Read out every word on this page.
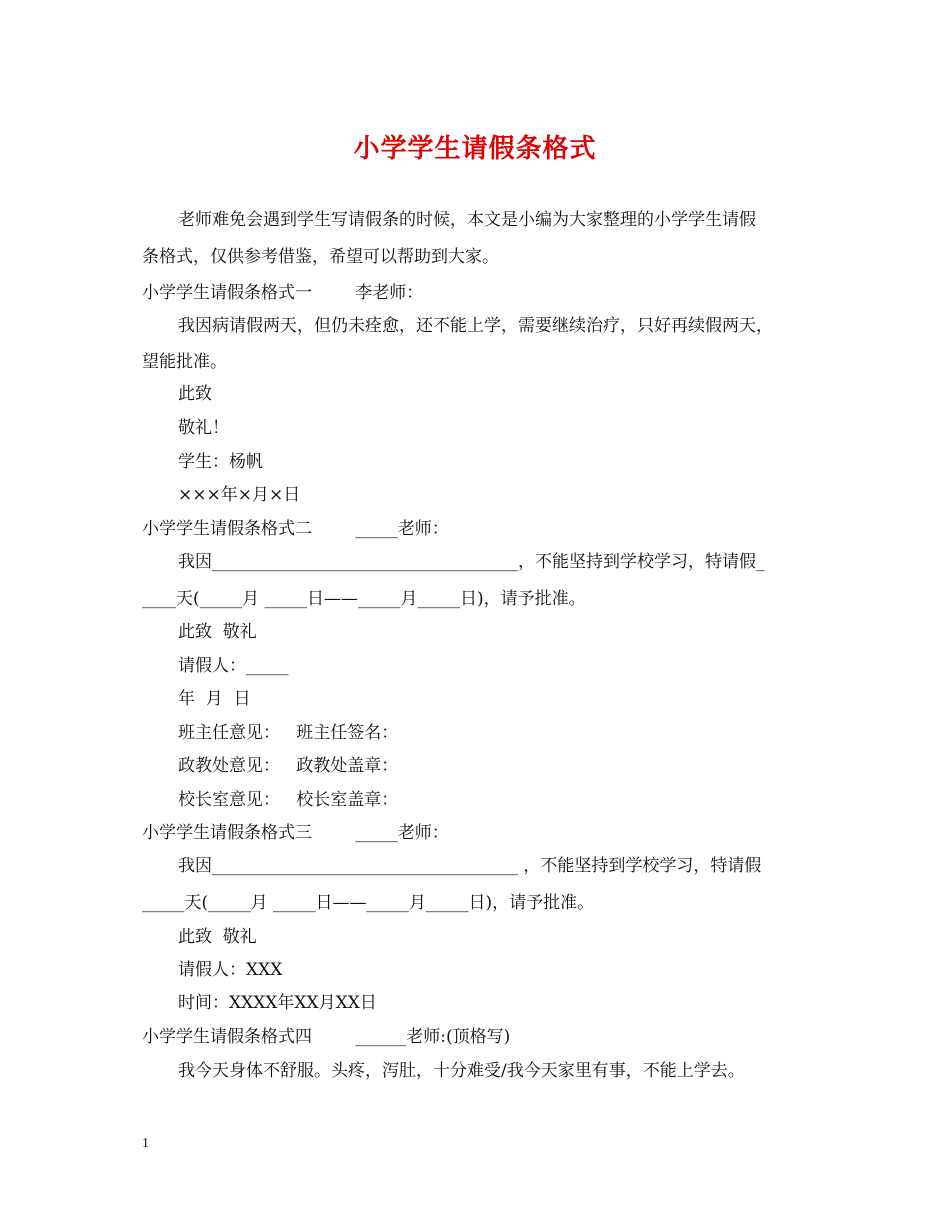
小学学生请假条格式
老师难免会遇到学生写请假条的时候，本文是小编为大家整理的小学学生请假
条格式，仅供参考借鉴，希望可以帮助到大家。
小学学生请假条格式一        李老师：
我因病请假两天，但仍未痊愈，还不能上学，需要继续治疗，只好再续假两天，
望能批准。
此致
敬礼！
学生：杨帆
×××年×月×日
小学学生请假条格式二        _____老师：
我因____________________________________，不能坚持到学校学习，特请假_
____天(_____月 _____日——_____月_____日)，请予批准。
此致  敬礼
请假人：_____
年  月  日
班主任意见：   班主任签名：
政教处意见：   政教处盖章：
校长室意见：   校长室盖章：
小学学生请假条格式三        _____老师：
我因____________________________________ ，不能坚持到学校学习，特请假
_____天(_____月 _____日——_____月_____日)，请予批准。
此致  敬礼
请假人：XXX
时间：XXXX年XX月XX日
小学学生请假条格式四        ______老师:(顶格写)
我今天身体不舒服。头疼，泻肚，十分难受/我今天家里有事，不能上学去。
1
